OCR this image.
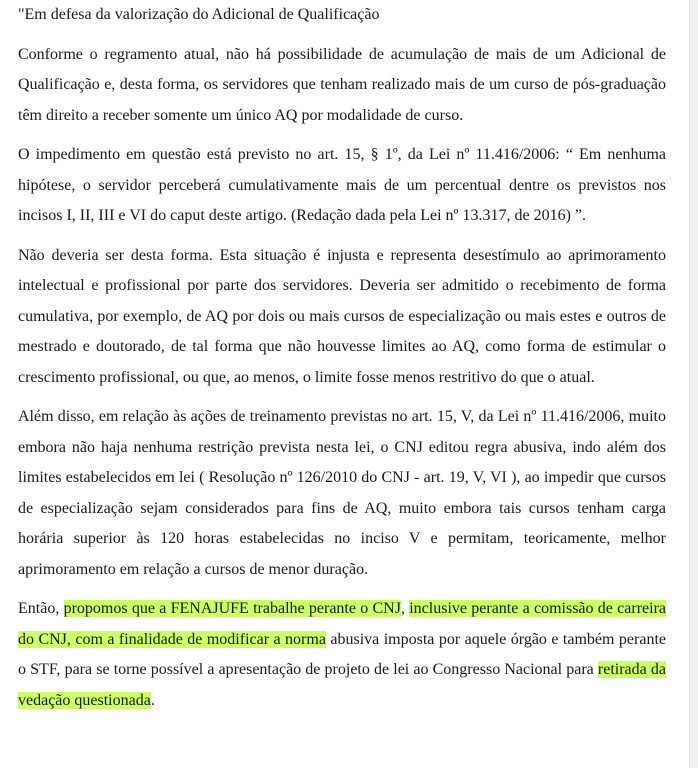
"Em defesa da valorização do Adicional de Qualificação

Conforme o regramento atual, não há possibilidade de acumulação de mais de um Adicional de Qualificação e, desta forma, os servidores que tenham realizado mais de um curso de pós-graduação têm direito a receber somente um único AQ por modalidade de curso.

O impedimento em questão está previsto no art. 15, § 1º, da Lei nº 11.416/2006: “ Em nenhuma hipótese, o servidor perceberá cumulativamente mais de um percentual dentre os previstos nos incisos I, II, III e VI do caput deste artigo. (Redação dada pela Lei nº 13.317, de 2016) ”.

Não deveria ser desta forma. Esta situação é injusta e representa desestímulo ao aprimoramento intelectual e profissional por parte dos servidores. Deveria ser admitido o recebimento de forma cumulativa, por exemplo, de AQ por dois ou mais cursos de especialização ou mais estes e outros de mestrado e doutorado, de tal forma que não houvesse limites ao AQ, como forma de estimular o crescimento profissional, ou que, ao menos, o limite fosse menos restritivo do que o atual.

Além disso, em relação às ações de treinamento previstas no art. 15, V, da Lei nº 11.416/2006, muito embora não haja nenhuma restrição prevista nesta lei, o CNJ editou regra abusiva, indo além dos limites estabelecidos em lei ( Resolução nº 126/2010 do CNJ - art. 19, V, VI ), ao impedir que cursos de especialização sejam considerados para fins de AQ, muito embora tais cursos tenham carga horária superior às 120 horas estabelecidas no inciso V e permitam, teoricamente, melhor aprimoramento em relação a cursos de menor duração.

Então, propomos que a FENAJUFE trabalhe perante o CNJ, inclusive perante a comissão de carreira do CNJ, com a finalidade de modificar a norma abusiva imposta por aquele órgão e também perante o STF, para se torne possível a apresentação de projeto de lei ao Congresso Nacional para retirada da vedação questionada.
